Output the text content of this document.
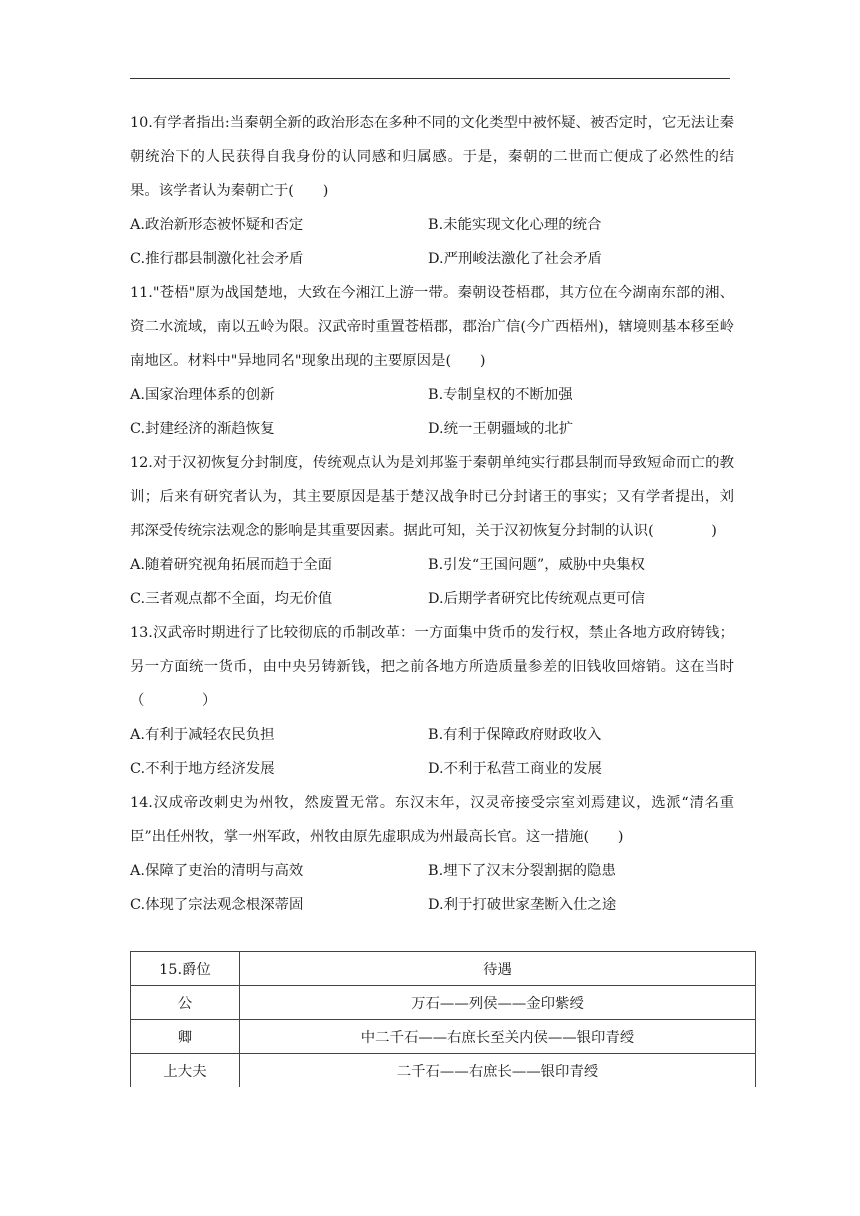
10.有学者指出:当秦朝全新的政治形态在多种不同的文化类型中被怀疑、被否定时，它无法让秦朝统治下的人民获得自我身份的认同感和归属感。于是，秦朝的二世而亡便成了必然性的结果。该学者认为秦朝亡于(　　)

A.政治新形态被怀疑和否定	B.未能实现文化心理的统合

C.推行郡县制激化社会矛盾	D.严刑峻法激化了社会矛盾

11."苍梧"原为战国楚地，大致在今湘江上游一带。秦朝设苍梧郡，其方位在今湖南东部的湘、资二水流域，南以五岭为限。汉武帝时重置苍梧郡，郡治广信(今广西梧州)，辖境则基本移至岭南地区。材料中"异地同名"现象出现的主要原因是(　　)

A.国家治理体系的创新	B.专制皇权的不断加强

C.封建经济的渐趋恢复	D.统一王朝疆域的北扩

12.对于汉初恢复分封制度，传统观点认为是刘邦鉴于秦朝单纯实行郡县制而导致短命而亡的教训；后来有研究者认为，其主要原因是基于楚汉战争时已分封诸王的事实；又有学者提出，刘邦深受传统宗法观念的影响是其重要因素。据此可知，关于汉初恢复分封制的认识(　　　　)

A.随着研究视角拓展而趋于全面	B.引发“王国问题”，威胁中央集权

C.三者观点都不全面，均无价值	D.后期学者研究比传统观点更可信

13.汉武帝时期进行了比较彻底的币制改革：一方面集中货币的发行权，禁止各地方政府铸钱；另一方面统一货币，由中央另铸新钱，把之前各地方所造质量参差的旧钱收回熔销。这在当时（　　　　）

A.有利于减轻农民负担	B.有利于保障政府财政收入

C.不利于地方经济发展	D.不利于私营工商业的发展

14.汉成帝改刺史为州牧，然废置无常。东汉末年，汉灵帝接受宗室刘焉建议，选派“清名重臣”出任州牧，掌一州军政，州牧由原先虚职成为州最高长官。这一措施(　　)

A.保障了吏治的清明与高效	B.埋下了汉末分裂割据的隐患

C.体现了宗法观念根深蒂固	D.利于打破世家垄断入仕之途

15.爵位	待遇
公	万石——列侯——金印紫绶
卿	中二千石——右庶长至关内侯——银印青绶
上大夫	二千石——右庶长——银印青绶
